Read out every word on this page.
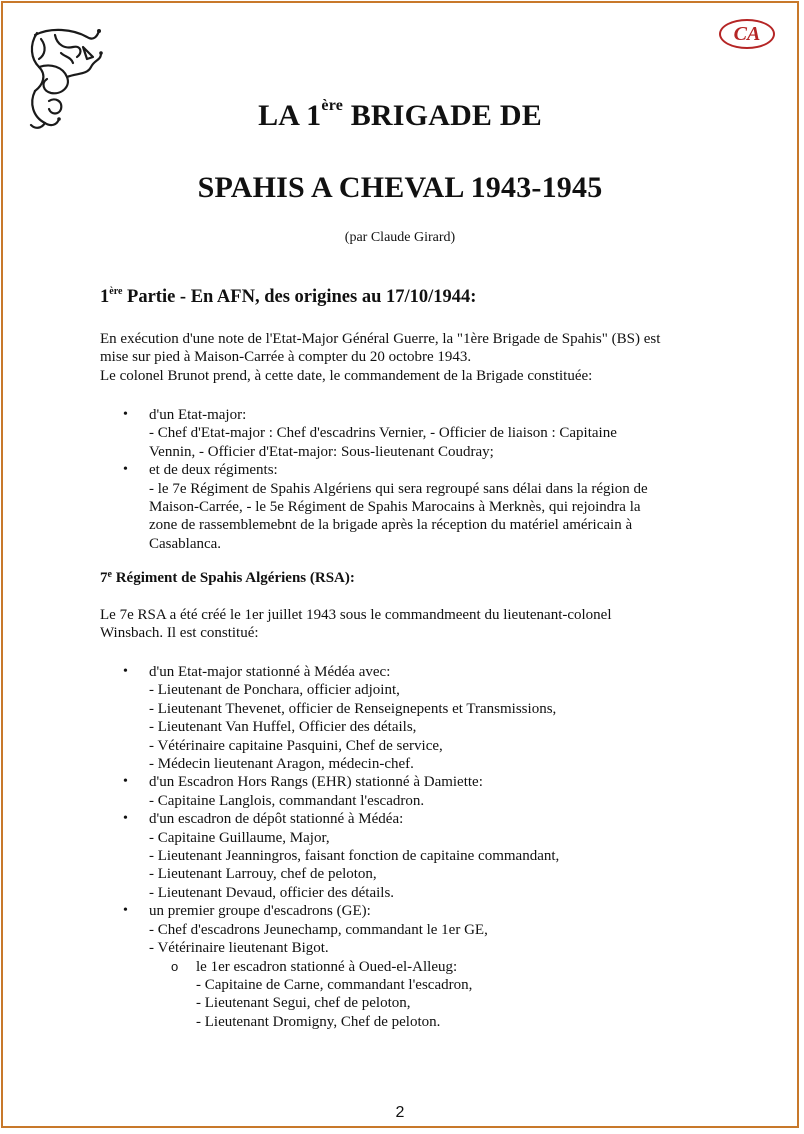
CA
LA 1ère BRIGADE DE
SPAHIS A CHEVAL 1943-1945
(par Claude Girard)
1ère Partie - En AFN, des origines au 17/10/1944:
En exécution d'une note de l'Etat-Major Général Guerre, la "1ère Brigade de Spahis" (BS) est
mise sur pied à Maison-Carrée à compter du 20 octobre 1943.
Le colonel Brunot prend, à cette date, le commandement de la Brigade constituée:
• d'un Etat-major:
- Chef d'Etat-major : Chef d'escadrins Vernier, - Officier de liaison : Capitaine
Vennin, - Officier d'Etat-major: Sous-lieutenant Coudray;
• et de deux régiments:
- le 7e Régiment de Spahis Algériens qui sera regroupé sans délai dans la région de
Maison-Carrée, - le 5e Régiment de Spahis Marocains à Merknès, qui rejoindra la
zone de rassemblemebnt de la brigade après la réception du matériel américain à
Casablanca.
7e Régiment de Spahis Algériens (RSA):
Le 7e RSA a été créé le 1er juillet 1943 sous le commandmeent du lieutenant-colonel
Winsbach. Il est constitué:
• d'un Etat-major stationné à Médéa avec:
- Lieutenant de Ponchara, officier adjoint,
- Lieutenant Thevenet, officier de Renseignepents et Transmissions,
- Lieutenant Van Huffel, Officier des détails,
- Vétérinaire capitaine Pasquini, Chef de service,
- Médecin lieutenant Aragon, médecin-chef.
• d'un Escadron Hors Rangs (EHR) stationné à Damiette:
- Capitaine Langlois, commandant l'escadron.
• d'un escadron de dépôt stationné à Médéa:
- Capitaine Guillaume, Major,
- Lieutenant Jeanningros, faisant fonction de capitaine commandant,
- Lieutenant Larrouy, chef de peloton,
- Lieutenant Devaud, officier des détails.
• un premier groupe d'escadrons (GE):
- Chef d'escadrons Jeunechamp, commandant le 1er GE,
- Vétérinaire lieutenant Bigot.
o le 1er escadron stationné à Oued-el-Alleug:
- Capitaine de Carne, commandant l'escadron,
- Lieutenant Segui, chef de peloton,
- Lieutenant Dromigny, Chef de peloton.
2
